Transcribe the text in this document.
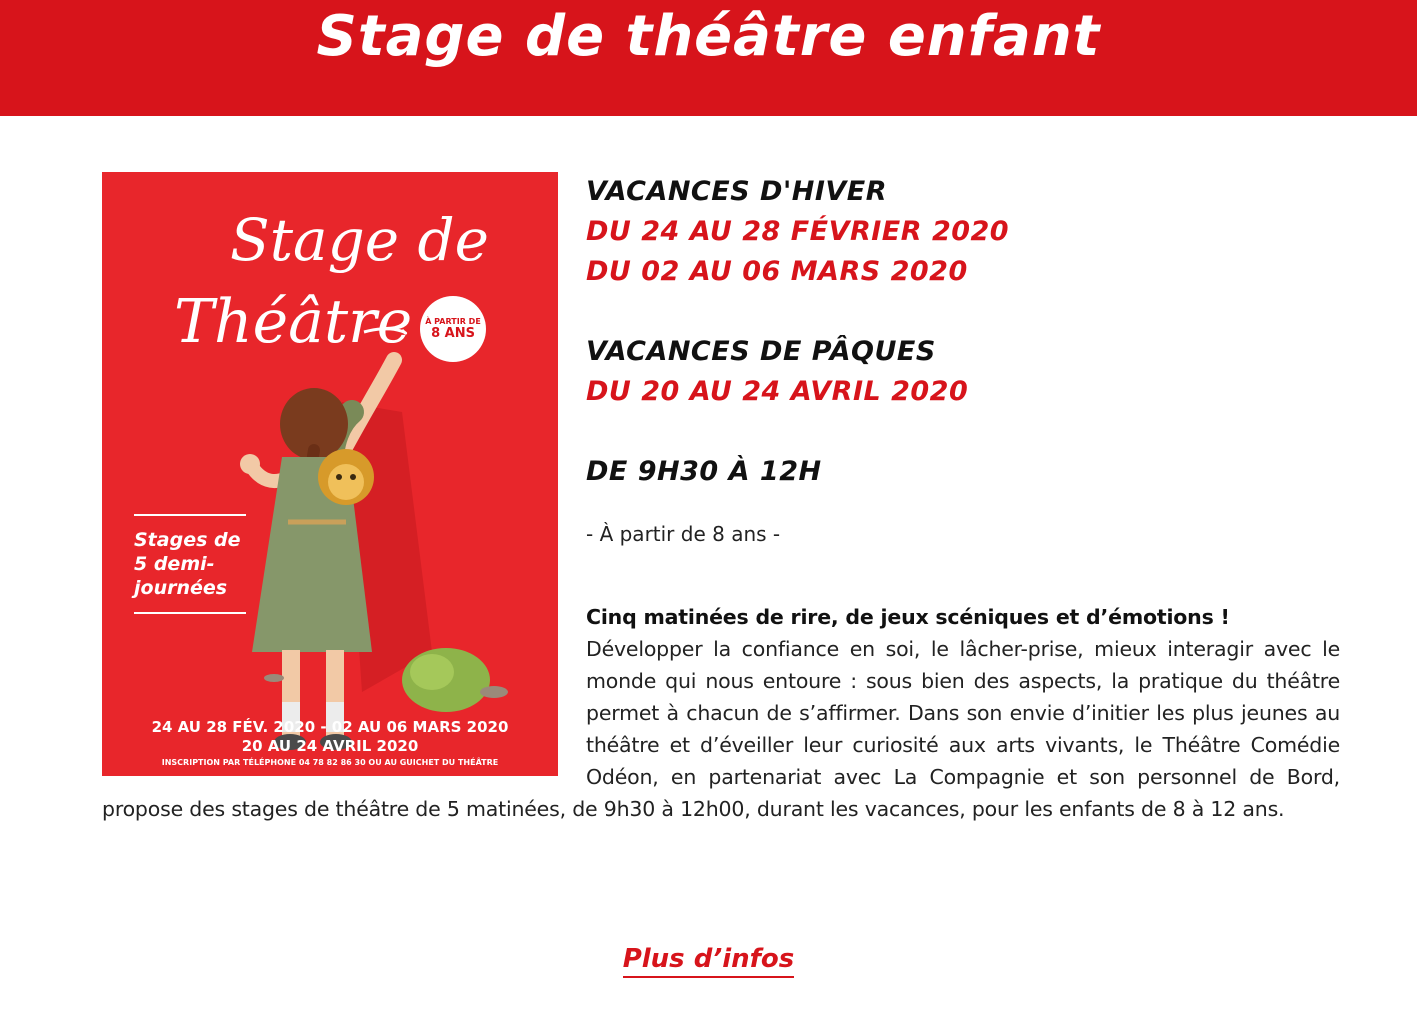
Stage de théâtre enfant
Stage de
Théâtre À PARTIR DE
8 ANS
Stages de 5 demi-journées
24 AU 28 FÉV. 2020 - 02 AU 06 MARS 2020
20 AU 24 AVRIL 2020
INSCRIPTION PAR TÉLÉPHONE 04 78 82 86 30 OU AU GUICHET DU THÉÂTRE

VACANCES D'HIVER

DU 24 AU 28 FÉVRIER 2020

DU 02 AU 06 MARS 2020

VACANCES DE PÂQUES

DU 20 AU 24 AVRIL 2020

DE 9H30 À 12H

- À partir de 8 ans -

Cinq matinées de rire, de jeux scéniques et d’émotions !
Développer la confiance en soi, le lâcher-prise, mieux interagir avec le monde qui nous entoure : sous bien des aspects, la pratique du théâtre permet à chacun de s’affirmer. Dans son envie d’initier les plus jeunes au théâtre et d’éveiller leur curiosité aux arts vivants, le Théâtre Comédie Odéon, en partenariat avec La Compagnie et son personnel de Bord, propose des stages de théâtre de 5 matinées, de 9h30 à 12h00, durant les vacances, pour les enfants de 8 à 12 ans.

Plus d’infos
